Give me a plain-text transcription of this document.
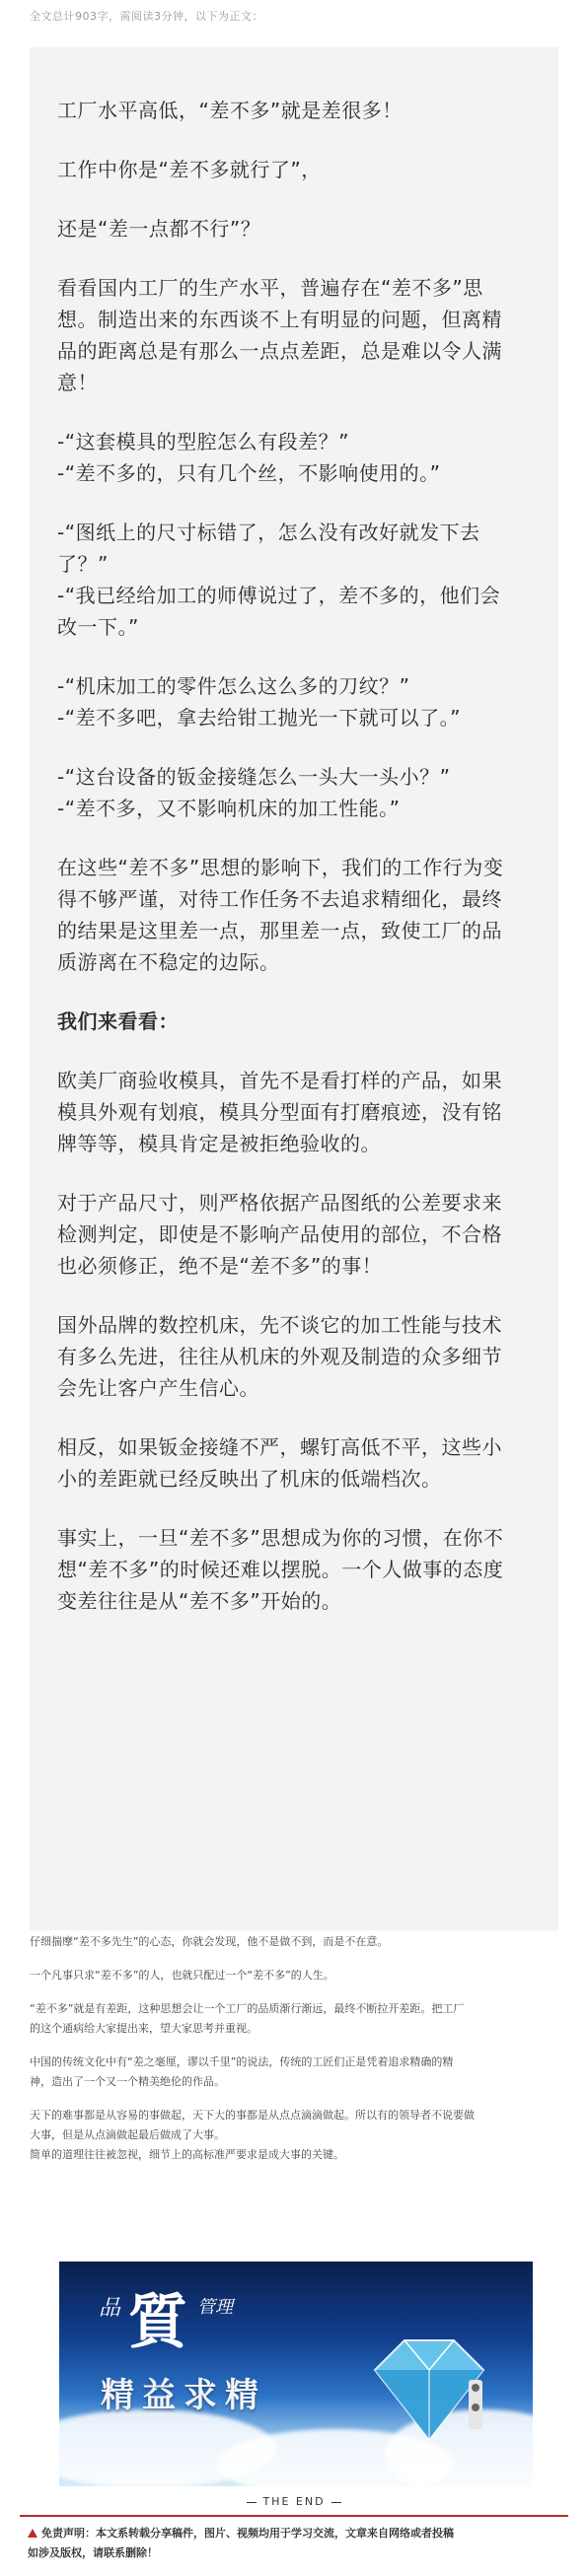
全文总计903字，需阅读3分钟，以下为正文：
工厂水平高低，“差不多”就是差很多！
工作中你是“差不多就行了”，
还是“差一点都不行”？
看看国内工厂的生产水平，普遍存在“差不多”思
想。制造出来的东西谈不上有明显的问题，但离精
品的距离总是有那么一点点差距，总是难以令人满
意！
-“这套模具的型腔怎么有段差？”
-“差不多的，只有几个丝，不影响使用的。”
-“图纸上的尺寸标错了，怎么没有改好就发下去
了？”
-“我已经给加工的师傅说过了，差不多的，他们会
改一下。”
-“机床加工的零件怎么这么多的刀纹？”
-“差不多吧，拿去给钳工抛光一下就可以了。”
-“这台设备的钣金接缝怎么一头大一头小？”
-“差不多，又不影响机床的加工性能。”
在这些“差不多”思想的影响下，我们的工作行为变
得不够严谨，对待工作任务不去追求精细化，最终
的结果是这里差一点，那里差一点，致使工厂的品
质游离在不稳定的边际。
我们来看看：
欧美厂商验收模具，首先不是看打样的产品，如果
模具外观有划痕，模具分型面有打磨痕迹，没有铭
牌等等，模具肯定是被拒绝验收的。
对于产品尺寸，则严格依据产品图纸的公差要求来
检测判定，即使是不影响产品使用的部位，不合格
也必须修正，绝不是“差不多”的事！
国外品牌的数控机床，先不谈它的加工性能与技术
有多么先进，往往从机床的外观及制造的众多细节
会先让客户产生信心。
相反，如果钣金接缝不严，螺钉高低不平，这些小
小的差距就已经反映出了机床的低端档次。
事实上，一旦“差不多”思想成为你的习惯，在你不
想“差不多”的时候还难以摆脱。一个人做事的态度
变差往往是从“差不多”开始的。
仔细揣摩“差不多先生”的心态，你就会发现，他不是做不到，而是不在意。
一个凡事只求“差不多”的人，也就只配过一个“差不多”的人生。
“差不多”就是有差距，这种思想会让一个工厂的品质渐行渐远，最终不断拉开差距。把工厂
的这个通病给大家提出来，望大家思考并重视。
中国的传统文化中有“差之毫厘，谬以千里”的说法，传统的工匠们正是凭着追求精确的精
神，造出了一个又一个精美绝伦的作品。
天下的难事都是从容易的事做起，天下大的事都是从点点滴滴做起。所以有的领导者不说要做
大事，但是从点滴做起最后做成了大事。
简单的道理往往被忽视，细节上的高标准严要求是成大事的关键。
品 質 管理
精益求精
THE END
免责声明：本文系转载分享稿件，图片、视频均用于学习交流，文章来自网络或者投稿
如涉及版权，请联系删除！
